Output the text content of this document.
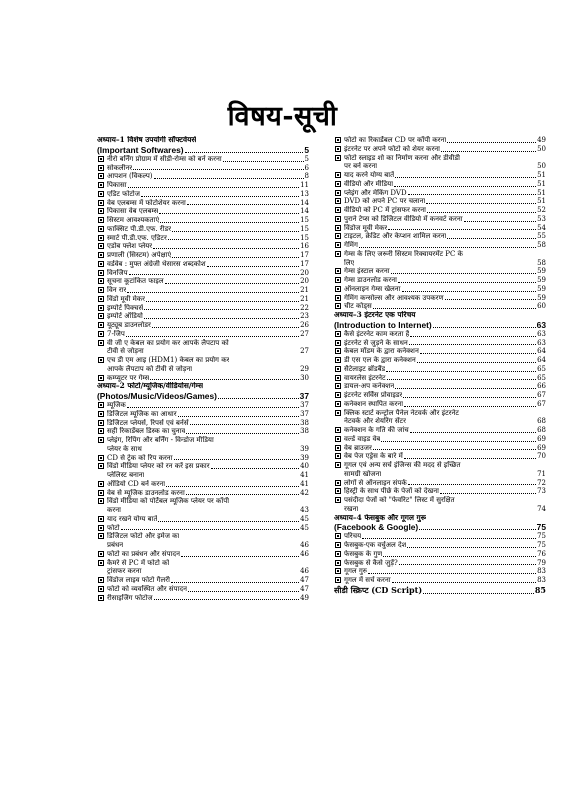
विषय-सूची
अध्याय–1 विशेष उपयोगी सॉफ्टवेयर्स
(Important Softwares)	5
नीरो बर्निंग प्रोग्राम में सीडी-रोम्स को बर्न करना	5
सोकलीनर	6
आपशन (विकल्प)	8
पिकासा	11
एडिट फोटोज	13
वेब एलबम्स में फोटोशेयर करना	14
पिकासा वेब एलबम्स	14
सिस्टम आवश्यकताएं	15
फाक्सिट पी.डी.एफ. रीडर	15
स्मार्ट पी.डी.एफ. एडिटर	15
एडोब फ्लेश प्लेयर	16
प्रणाली (सिस्टम) अपेक्षाएं	17
वर्डवेब : मुफ्त अंग्रेजी थेसारस शब्दकोश	17
विनजिप	20
सूचना कूटांकित फाइल	20
विन रार	21
विंडो मूवी मेकर	21
इम्पोर्ट पिक्चर्स	22
इम्पोर्ट ऑडियो	23
यूट्यूब डाउनलोडर	26
7-जिप	27
वी जी ए केबल का प्रयोग कर आपके लैपटाप को
टीवी से जोड़ना	27
एच डी एम आइ (HDM1) केबल का प्रयोग कर
आपके लैपटाप को टीवी से जोड़ना	29
कम्प्यूटर पर गेम्स	30
अध्याय–2 फोटो/म्यूजिक/वीडियोस/गेम्स
(Photos/Music/Videos/Games)	37
म्यूजिक	37
डिजिटल म्यूजिक का आधार	37
डिजिटल प्लेयर्स, रिपर्स एवं बर्नर्स	38
सही रिकार्डेबल डिस्क का चुनाव	38
प्लेइंग, रिपिंग और बर्निंग - विन्डोज मीडिया
प्लेयर के साथ	39
CD से ट्रेक को रिप करना	39
विंडो मीडिया प्लेयर को रन करें इस प्रकार	40
प्लेलिस्ट बनाना	41
ऑडियो CD बर्न करना	41
वेब से म्यूजिक डाउनलोड करना	42
विंडो मीडिया को पोर्टेबल म्यूजिक प्लेयर पर कॉपी
करना	43
याद रखने योग्य बातें	45
फोटो	45
डिजिटल फोटो और इमेज का
प्रबंधन	46
फोटो का प्रबंधन और संपादन	46
कैमरे से PC में फोटो को
ट्रांसफर करना	46
विंडोज लाइव फोटो गैलरी	47
फोटो को व्यवस्थित और संपादन	47
रीसाइजिंग फोटोज	49
फोटो का रिकार्डेबल CD पर कॉपी करना	49
इंटरनेट पर अपने फोटो को शेयर करना	50
फोटो स्लाइड शो का निर्माण करना और डीवीडी
पर बर्न करना	50
याद करने योग्य बातें	51
वीडियो और मीडिया	51
प्लेइंग और मेकिंग DVD	51
DVD को अपने PC पर चलाना	51
वीडियो को PC में ट्रांसफर करना	52
पुराने टेप्स को डिजिटल वीडियो में कनवर्ट करना	53
विंडोज मूवी मेकर	54
टाइटल, क्रेडिट और केप्शन शामिल करना	55
गेमिंग	58
गेम्स के लिए जरूरी सिस्टम रिक्वायरमेंट PC के
लिए	58
गेम्स इंस्टाल करना	59
गेम्स डाउनलोड करना	59
ऑनलाइन गेम्स खेलना	59
गेमिंग कन्सोल्स और आवश्यक उपकरण	59
चीट कोड्स	60
अध्याय–3 इंटरनेट एक परिचय
(Introduction to Internet)	63
कैसे इंटरनेट काम करता है	63
इंटरनेट से जुड़ने के साधन	63
केबल मॉडम के द्वारा कनेक्शन	64
डी एस एल के द्वारा कनेक्शन	64
सैटेलाइट ब्रॉडबैंड	65
वायरलेस इंटरनेट	65
डायल-अप कनेक्शन	66
इंटरनेट सर्विस प्रोवाइडर	67
कनेक्शन स्थापित करना	67
क्लिक स्टार्ट कन्ट्रोल पैनेल नेटवर्क और इंटरनेट
नेटवर्क और शेयरिंग सेंटर	68
कनेक्शन के गति की जांच	68
वर्ल्ड वाइड वेब	69
वेब ब्राउजर	69
वेब पेज एड्रेस के बारे में	70
गूगल एवं अन्य सर्च इंजिन्स की मदद से इच्छित
सामग्री खोजना	71
लोगों से ऑनलाइन संपर्क	72
हिस्ट्री के साथ पीछे के पेजों को देखना	73
पसंदीदा पेजों को "फेवरिट" लिस्ट में सुरक्षित
रखना	74
अध्याय–4 फेसबुक और गूगल गुरू
(Facebook & Google)	75
परिचय	75
फेसबुक-एक वर्चुअल देश	75
फेसबुक के गुण	76
फेसबुक से कैसे जुड़ें?	79
गूगल गुरु	83
गूगल में सर्च करना	83
सीडी स्क्रिप्ट (CD Script)	85
